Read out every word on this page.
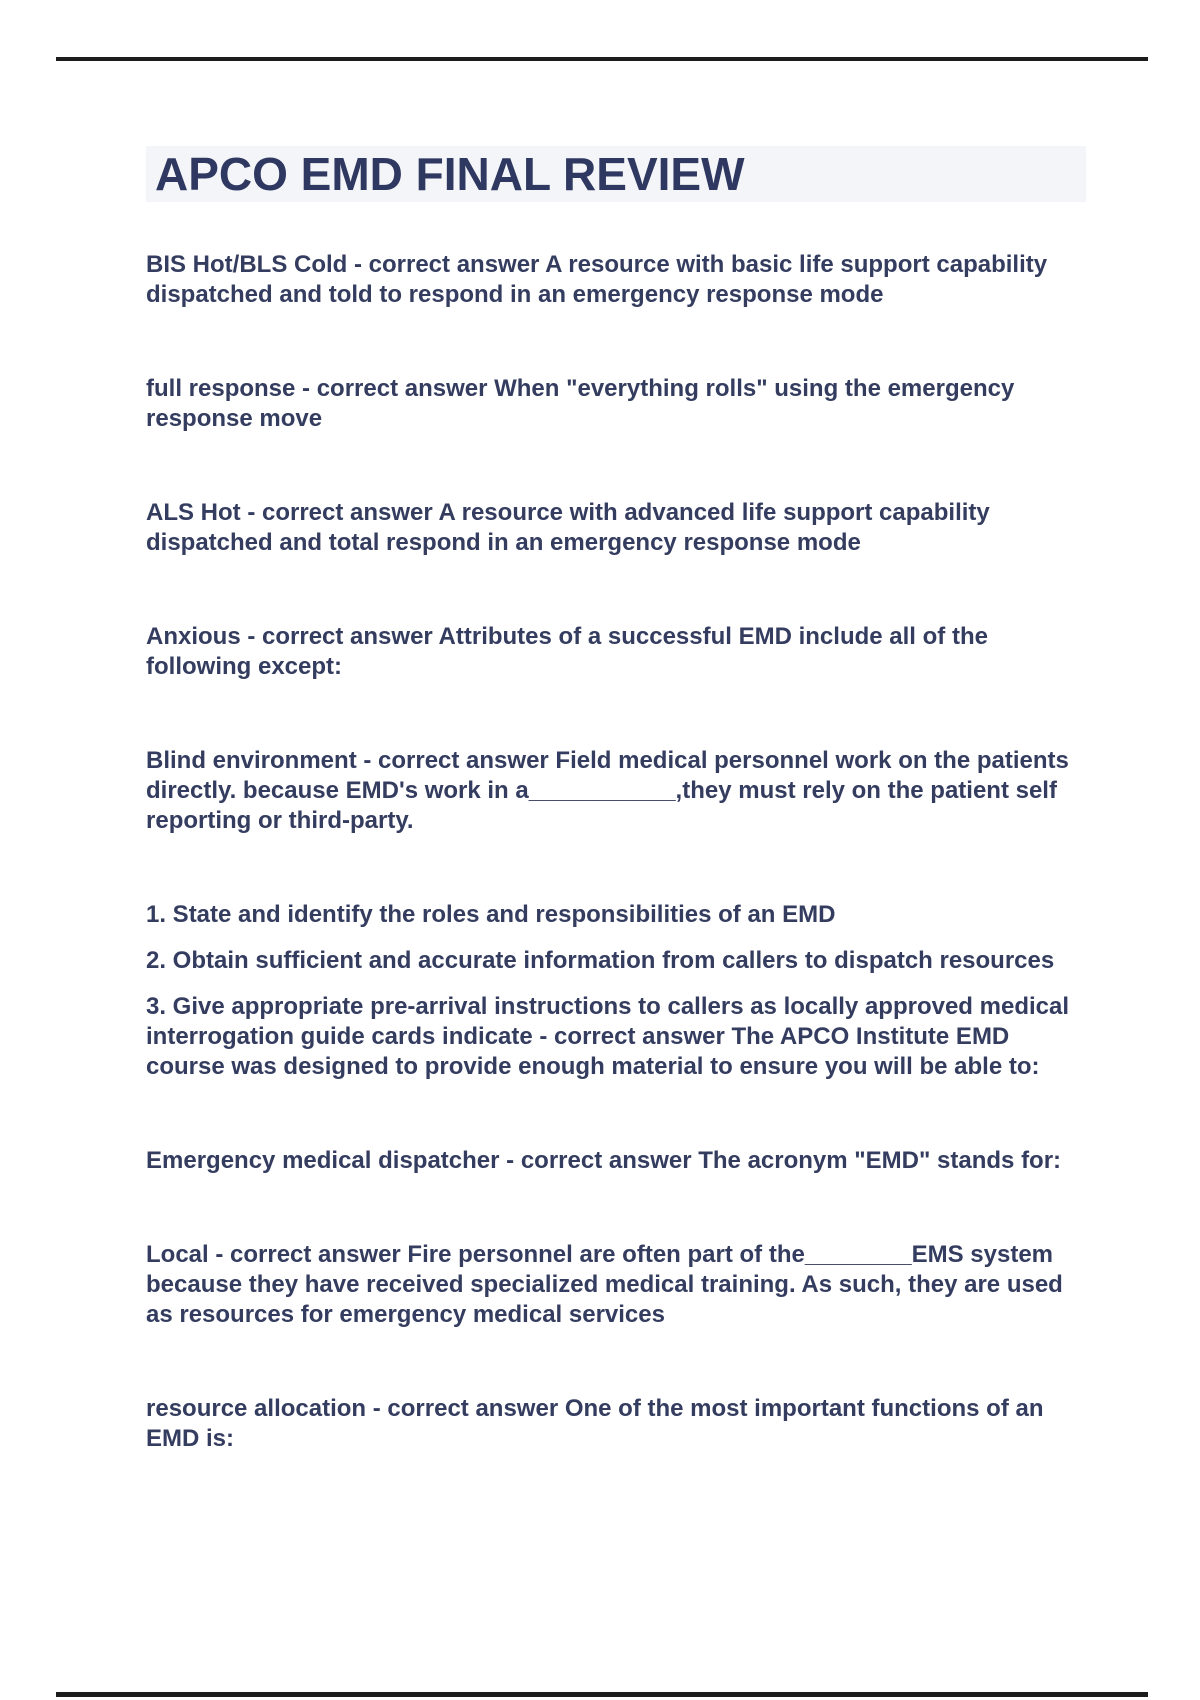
APCO EMD FINAL REVIEW

BIS Hot/BLS Cold - correct answer A resource with basic life support capability dispatched and told to respond in an emergency response mode

full response - correct answer When "everything rolls" using the emergency response move

ALS Hot - correct answer A resource with advanced life support capability dispatched and total respond in an emergency response mode

Anxious - correct answer Attributes of a successful EMD include all of the following except:

Blind environment - correct answer Field medical personnel work on the patients directly. because EMD's work in a___________,they must rely on the patient self reporting or third-party.

1. State and identify the roles and responsibilities of an EMD

2. Obtain sufficient and accurate information from callers to dispatch resources

3. Give appropriate pre-arrival instructions to callers as locally approved medical interrogation guide cards indicate - correct answer The APCO Institute EMD course was designed to provide enough material to ensure you will be able to:

Emergency medical dispatcher - correct answer The acronym "EMD" stands for:

Local - correct answer Fire personnel are often part of the________EMS system because they have received specialized medical training. As such, they are used as resources for emergency medical services

resource allocation - correct answer One of the most important functions of an EMD is:
